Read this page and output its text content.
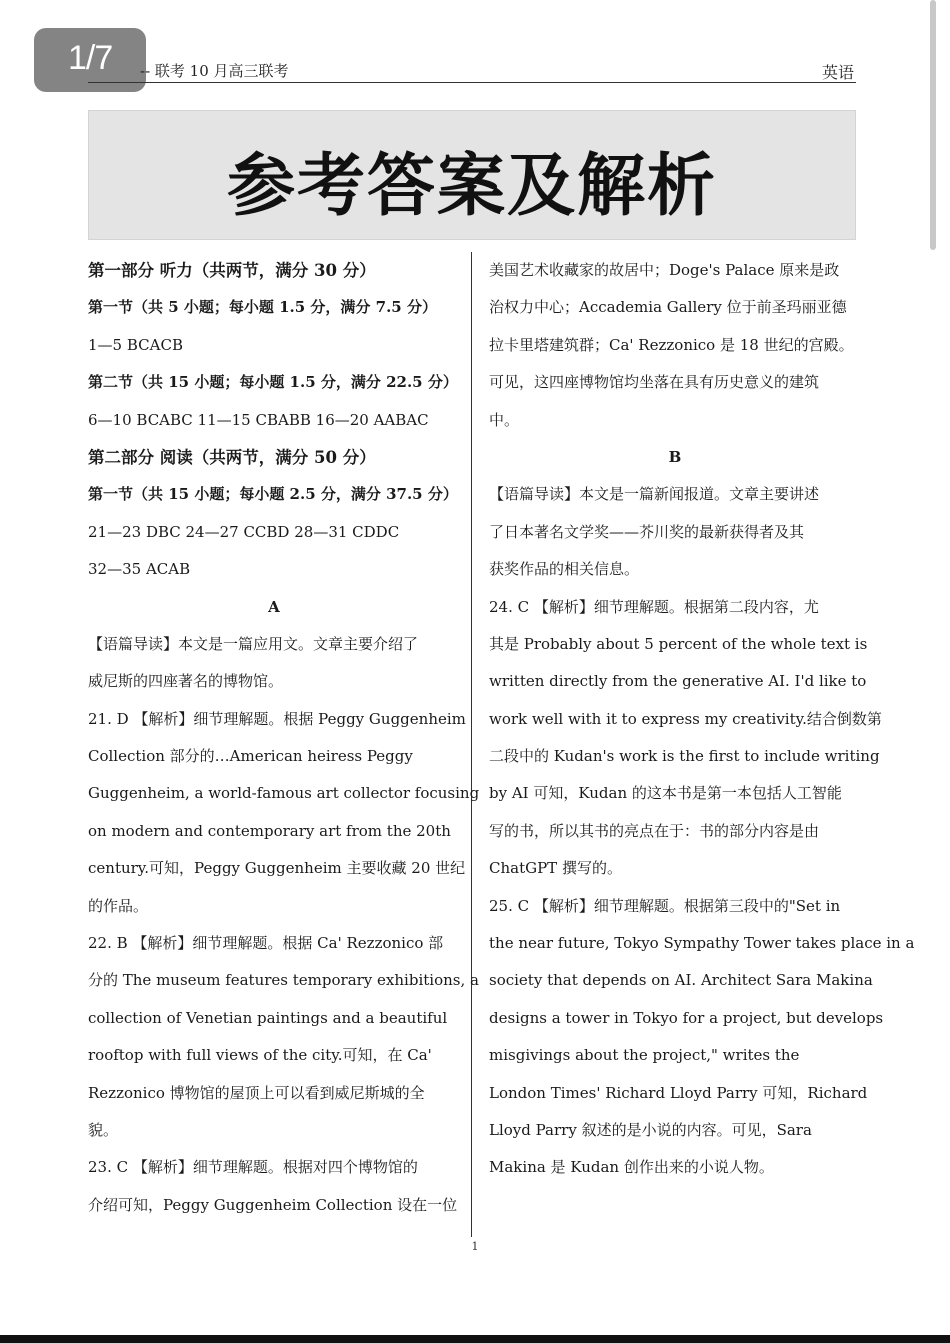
1/7	-- 联考 10 月高三联考	英语
参考答案及解析
第一部分 听力（共两节，满分 30 分）
第一节（共 5 小题；每小题 1.5 分，满分 7.5 分）
1—5 BCACB
第二节（共 15 小题；每小题 1.5 分，满分 22.5 分）
6—10 BCABC 11—15 CBABB 16—20 AABAC
第二部分 阅读（共两节，满分 50 分）
第一节（共 15 小题；每小题 2.5 分，满分 37.5 分）
21—23 DBC 24—27 CCBD 28—31 CDDC
32—35 ACAB
A
【语篇导读】本文是一篇应用文。文章主要介绍了
威尼斯的四座著名的博物馆。
21. D 【解析】细节理解题。根据 Peggy Guggenheim
Collection 部分的…American heiress Peggy
Guggenheim, a world-famous art collector focusing
on modern and contemporary art from the 20th
century.可知，Peggy Guggenheim 主要收藏 20 世纪
的作品。
22. B 【解析】细节理解题。根据 Ca' Rezzonico 部
分的 The museum features temporary exhibitions, a
collection of Venetian paintings and a beautiful
rooftop with full views of the city.可知，在 Ca'
Rezzonico 博物馆的屋顶上可以看到威尼斯城的全
貌。
23. C 【解析】细节理解题。根据对四个博物馆的
介绍可知，Peggy Guggenheim Collection 设在一位
美国艺术收藏家的故居中；Doge's Palace 原来是政
治权力中心；Accademia Gallery 位于前圣玛丽亚德
拉卡里塔建筑群；Ca' Rezzonico 是 18 世纪的宫殿。
可见，这四座博物馆均坐落在具有历史意义的建筑
中。
B
【语篇导读】本文是一篇新闻报道。文章主要讲述
了日本著名文学奖——芥川奖的最新获得者及其
获奖作品的相关信息。
24. C 【解析】细节理解题。根据第二段内容，尤
其是 Probably about 5 percent of the whole text is
written directly from the generative AI. I'd like to
work well with it to express my creativity.结合倒数第
二段中的 Kudan's work is the first to include writing
by AI 可知，Kudan 的这本书是第一本包括人工智能
写的书，所以其书的亮点在于：书的部分内容是由
ChatGPT 撰写的。
25. C 【解析】细节理解题。根据第三段中的"Set in
the near future, Tokyo Sympathy Tower takes place in a
society that depends on AI. Architect Sara Makina
designs a tower in Tokyo for a project, but develops
misgivings about the project," writes the
London Times' Richard Lloyd Parry 可知，Richard
Lloyd Parry 叙述的是小说的内容。可见，Sara
Makina 是 Kudan 创作出来的小说人物。
1
